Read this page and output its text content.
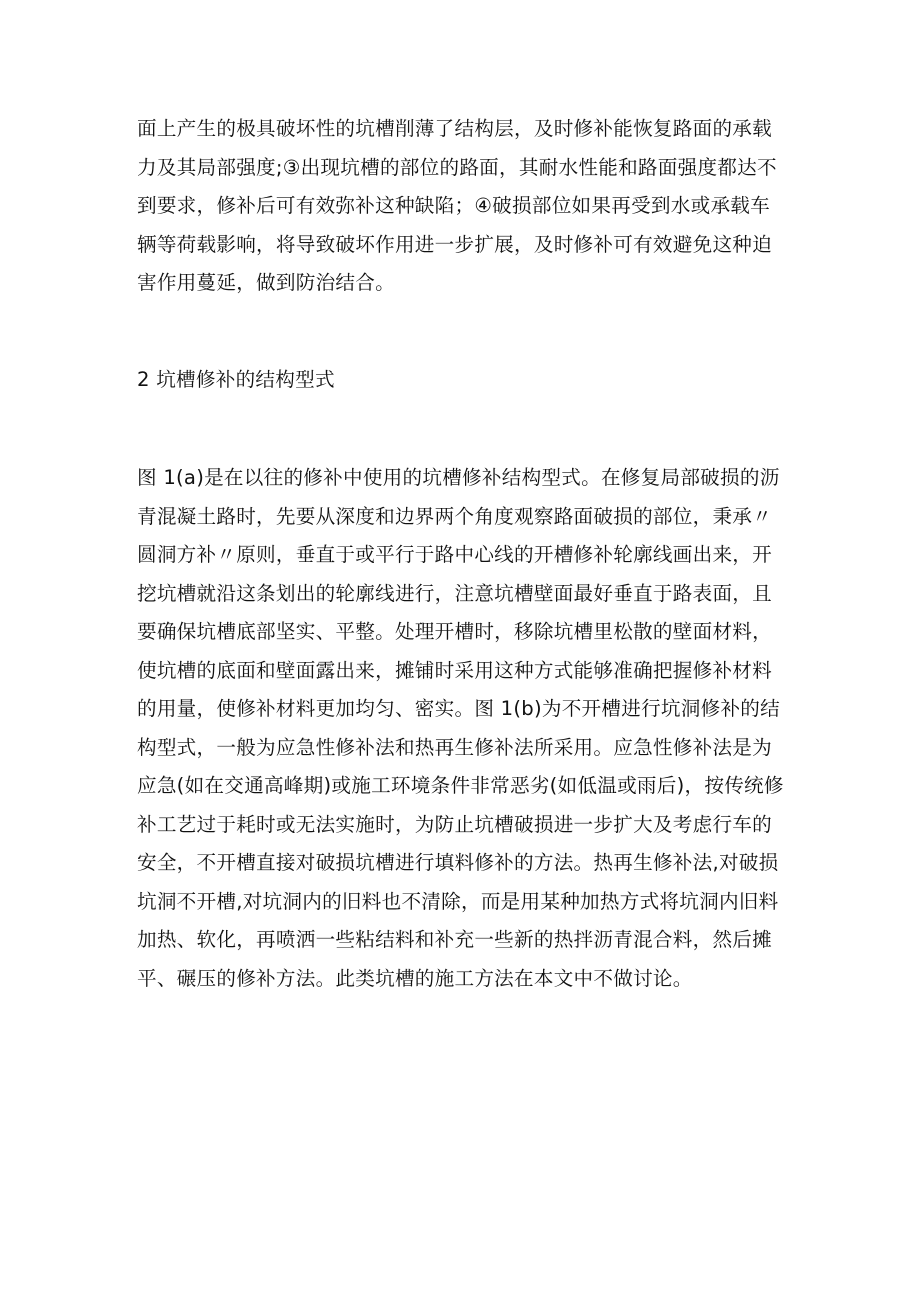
面上产生的极具破坏性的坑槽削薄了结构层，及时修补能恢复路面的承载
力及其局部强度;③出现坑槽的部位的路面，其耐水性能和路面强度都达不
到要求，修补后可有效弥补这种缺陷；④破损部位如果再受到水或承载车
辆等荷载影响，将导致破坏作用进一步扩展，及时修补可有效避免这种迫
害作用蔓延，做到防治结合。
2 坑槽修补的结构型式
图 1(a)是在以往的修补中使用的坑槽修补结构型式。在修复局部破损的沥
青混凝土路时，先要从深度和边界两个角度观察路面破损的部位，秉承〃
圆洞方补〃原则，垂直于或平行于路中心线的开槽修补轮廓线画出来，开
挖坑槽就沿这条划出的轮廓线进行，注意坑槽壁面最好垂直于路表面，且
要确保坑槽底部坚实、平整。处理开槽时，移除坑槽里松散的壁面材料，
使坑槽的底面和壁面露出来，摊铺时采用这种方式能够准确把握修补材料
的用量，使修补材料更加均匀、密实。图 1(b)为不开槽进行坑洞修补的结
构型式，一般为应急性修补法和热再生修补法所采用。应急性修补法是为
应急(如在交通高峰期)或施工环境条件非常恶劣(如低温或雨后)，按传统修
补工艺过于耗时或无法实施时，为防止坑槽破损进一步扩大及考虑行车的
安全，不开槽直接对破损坑槽进行填料修补的方法。热再生修补法,对破损
坑洞不开槽,对坑洞内的旧料也不清除，而是用某种加热方式将坑洞内旧料
加热、软化，再喷洒一些粘结料和补充一些新的热拌沥青混合料，然后摊
平、碾压的修补方法。此类坑槽的施工方法在本文中不做讨论。
